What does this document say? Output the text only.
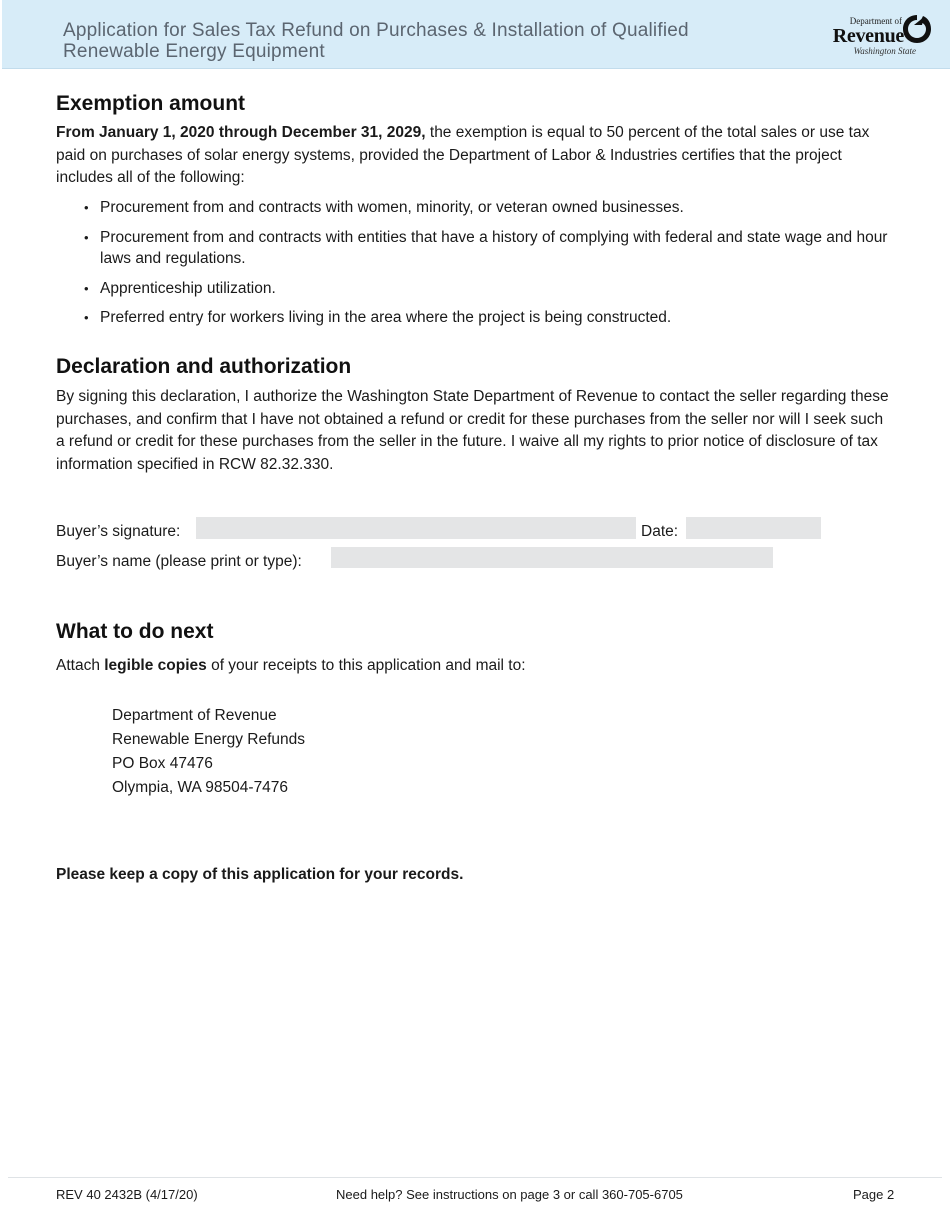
Application for Sales Tax Refund on Purchases & Installation of Qualified
Renewable Energy Equipment
Department of
Revenue
Washington State
Exemption amount
From January 1, 2020 through December 31, 2029, the exemption is equal to 50 percent of the total sales or use tax paid on purchases of solar energy systems, provided the Department of Labor & Industries certifies that the project includes all of the following:
• Procurement from and contracts with women, minority, or veteran owned businesses.
• Procurement from and contracts with entities that have a history of complying with federal and state wage and hour laws and regulations.
• Apprenticeship utilization.
• Preferred entry for workers living in the area where the project is being constructed.
Declaration and authorization
By signing this declaration, I authorize the Washington State Department of Revenue to contact the seller regarding these purchases, and confirm that I have not obtained a refund or credit for these purchases from the seller nor will I seek such a refund or credit for these purchases from the seller in the future. I waive all my rights to prior notice of disclosure of tax information specified in RCW 82.32.330.
Buyer’s signature:	Date:
Buyer’s name (please print or type):
What to do next
Attach legible copies of your receipts to this application and mail to:
Department of Revenue
Renewable Energy Refunds
PO Box 47476
Olympia, WA 98504-7476
Please keep a copy of this application for your records.
REV 40 2432B (4/17/20)	Need help? See instructions on page 3 or call 360-705-6705	Page 2
